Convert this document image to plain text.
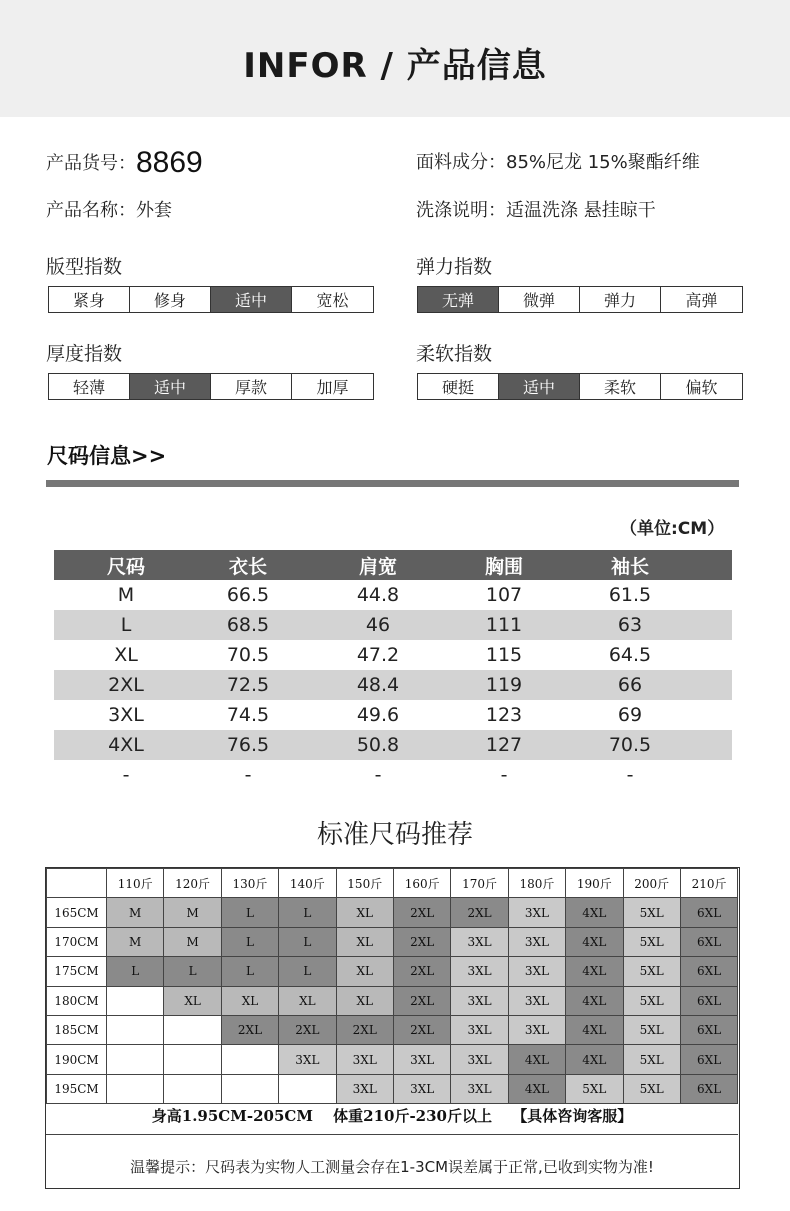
INFOR / 产品信息
产品货号：8869
产品名称：外套
面料成分：85%尼龙 15%聚酯纤维
洗涤说明：适温洗涤 悬挂晾干
版型指数
紧身	修身	适中	宽松
弹力指数
无弹	微弹	弹力	高弹
厚度指数
轻薄	适中	厚款	加厚
柔软指数
硬挺	适中	柔软	偏软
尺码信息>>
（单位:CM）
尺码	衣长	肩宽	胸围	袖长
M	66.5	44.8	107	61.5
L	68.5	46	111	63
XL	70.5	47.2	115	64.5
2XL	72.5	48.4	119	66
3XL	74.5	49.6	123	69
4XL	76.5	50.8	127	70.5
-	-	-	-	-
标准尺码推荐
	110斤	120斤	130斤	140斤	150斤	160斤	170斤	180斤	190斤	200斤	210斤
165CM	M	M	L	L	XL	2XL	2XL	3XL	4XL	5XL	6XL
170CM	M	M	L	L	XL	2XL	3XL	3XL	4XL	5XL	6XL
175CM	L	L	L	L	XL	2XL	3XL	3XL	4XL	5XL	6XL
180CM		XL	XL	XL	XL	2XL	3XL	3XL	4XL	5XL	6XL
185CM			2XL	2XL	2XL	2XL	3XL	3XL	4XL	5XL	6XL
190CM				3XL	3XL	3XL	3XL	4XL	4XL	5XL	6XL
195CM					3XL	3XL	3XL	4XL	5XL	5XL	6XL
身高1.95CM-205CM　 体重210斤-230斤以上　 【具体咨询客服】
温馨提示：尺码表为实物人工测量会存在1-3CM误差属于正常,已收到实物为准!
